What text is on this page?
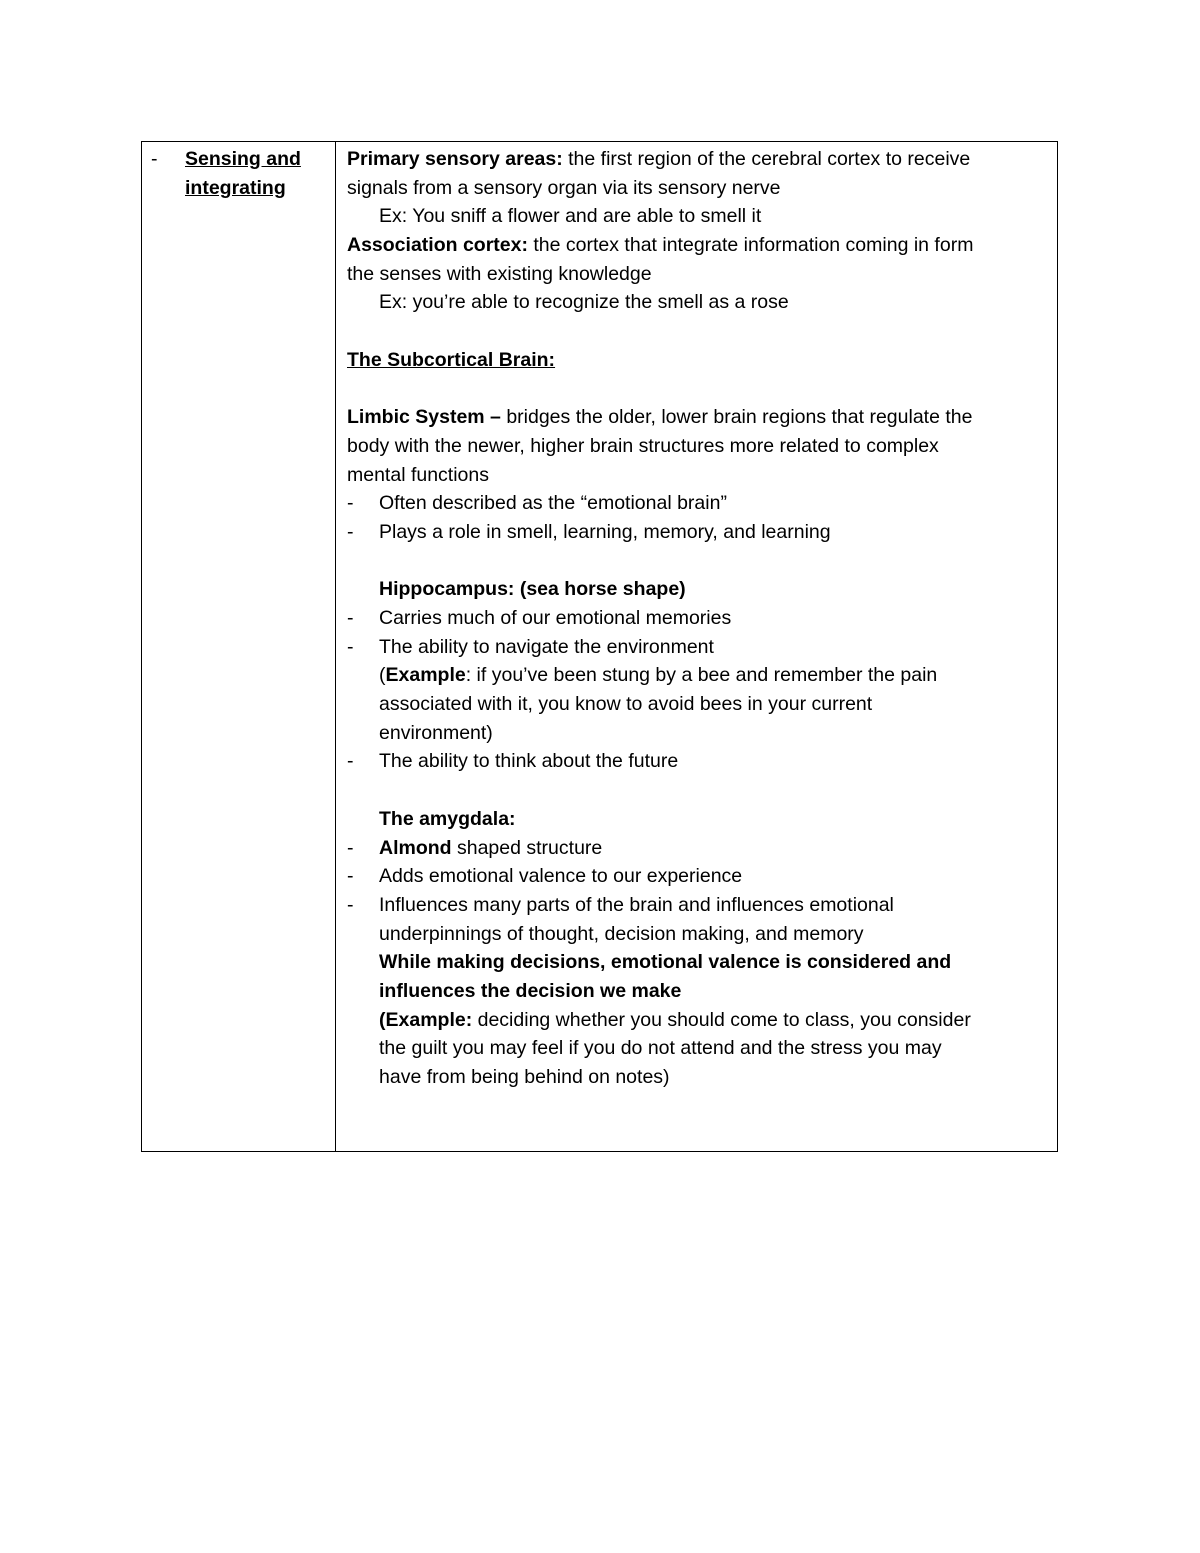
- Sensing and
integrating
Primary sensory areas: the first region of the cerebral cortex to receive
signals from a sensory organ via its sensory nerve
Ex: You sniff a flower and are able to smell it
Association cortex: the cortex that integrate information coming in form
the senses with existing knowledge
Ex: you’re able to recognize the smell as a rose
The Subcortical Brain:
Limbic System – bridges the older, lower brain regions that regulate the
body with the newer, higher brain structures more related to complex
mental functions
- Often described as the “emotional brain”
- Plays a role in smell, learning, memory, and learning
Hippocampus: (sea horse shape)
- Carries much of our emotional memories
- The ability to navigate the environment
(Example: if you’ve been stung by a bee and remember the pain
associated with it, you know to avoid bees in your current
environment)
- The ability to think about the future
The amygdala:
- Almond shaped structure
- Adds emotional valence to our experience
- Influences many parts of the brain and influences emotional
underpinnings of thought, decision making, and memory
While making decisions, emotional valence is considered and
influences the decision we make
(Example: deciding whether you should come to class, you consider
the guilt you may feel if you do not attend and the stress you may
have from being behind on notes)
